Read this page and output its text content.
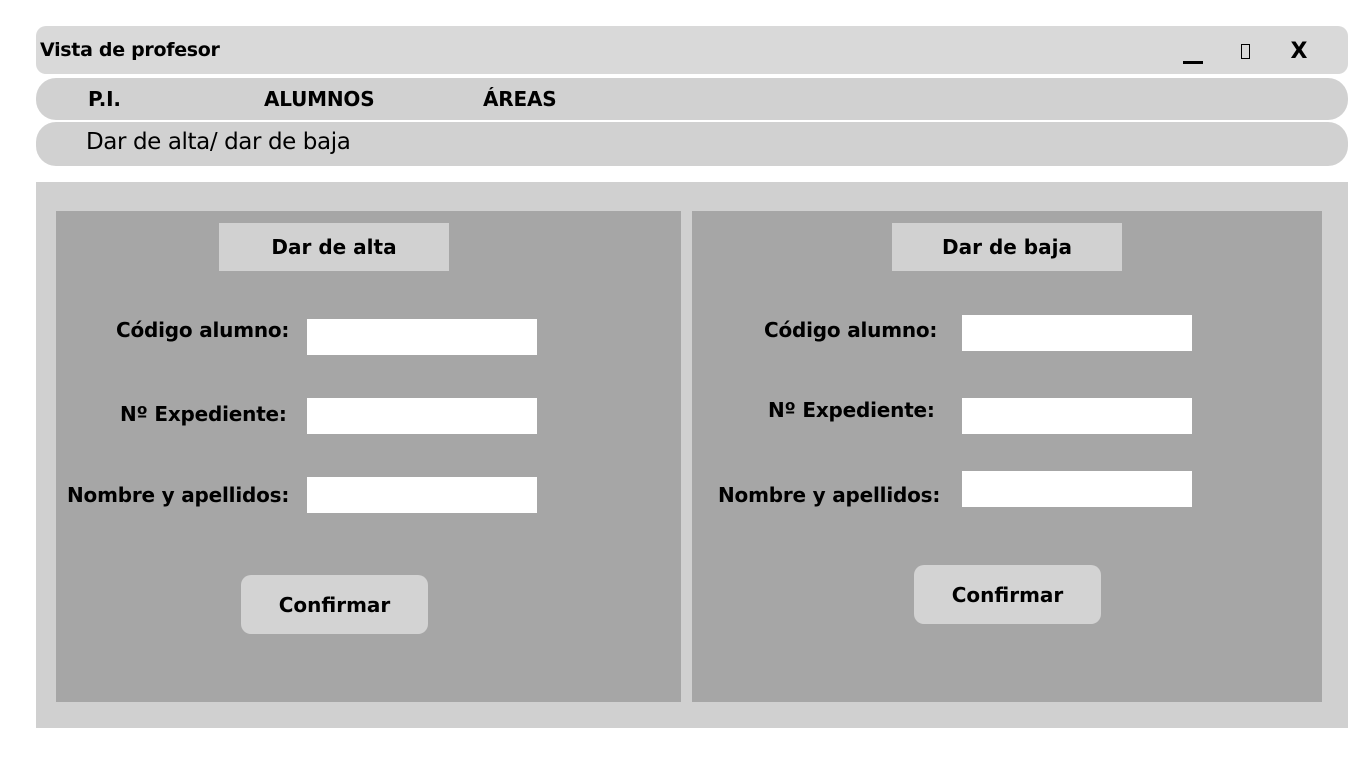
Vista de profesor	X
P.I.	ALUMNOS	ÁREAS
Dar de alta/ dar de baja
Dar de alta
Código alumno:
Nº Expediente:
Nombre y apellidos:
Confirmar
Dar de baja
Código alumno:
Nº Expediente:
Nombre y apellidos:
Confirmar
